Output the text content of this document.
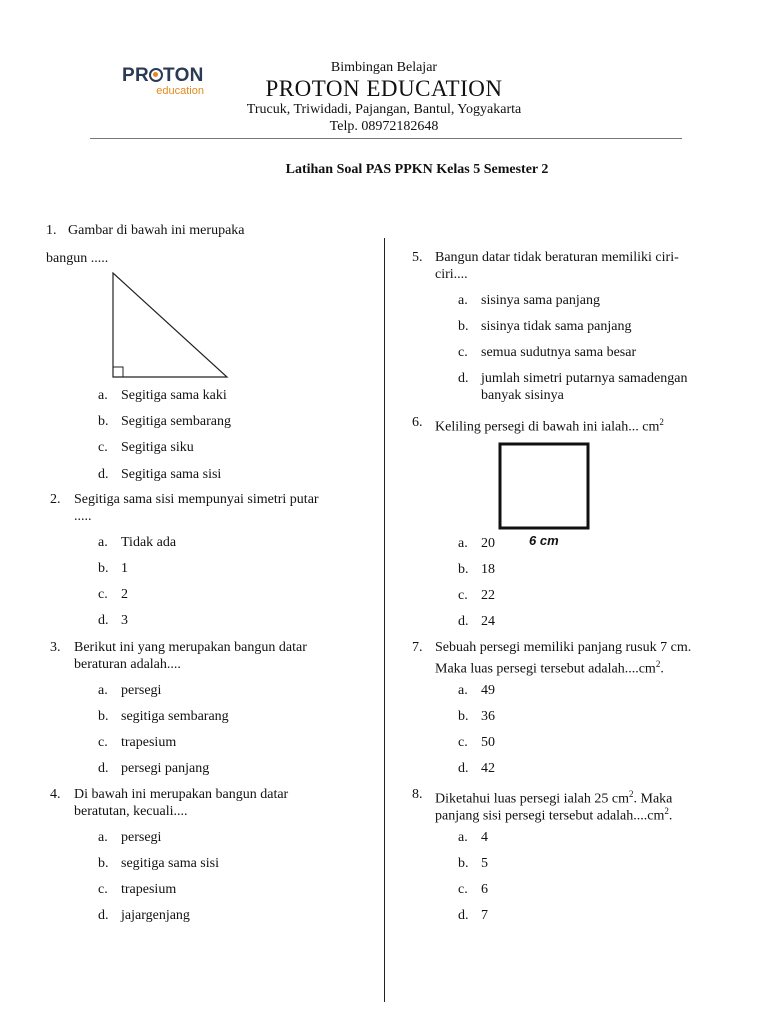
PR TON
education
Bimbingan Belajar
PROTON EDUCATION
Trucuk, Triwidadi, Pajangan, Bantul, Yogyakarta
Telp. 08972182648
Latihan Soal PAS PPKN Kelas 5 Semester 2
6 cm
1. Gambar di bawah ini merupaka
bangun .....
a. Segitiga sama kaki
b. Segitiga sembarang
c. Segitiga siku
d. Segitiga sama sisi
2. Segitiga sama sisi mempunyai simetri putar
.....
a. Tidak ada
b. 1
c. 2
d. 3
3. Berikut ini yang merupakan bangun datar
beraturan adalah....
a. persegi
b. segitiga sembarang
c. trapesium
d. persegi panjang
4. Di bawah ini merupakan bangun datar
beratutan, kecuali....
a. persegi
b. segitiga sama sisi
c. trapesium
d. jajargenjang
5. Bangun datar tidak beraturan memiliki ciri-
ciri....
a. sisinya sama panjang
b. sisinya tidak sama panjang
c. semua sudutnya sama besar
d. jumlah simetri putarnya samadengan banyak sisinya
6. Keliling persegi di bawah ini ialah... $cm^2$
a. 20
b. 18
c. 22
d. 24
7. Sebuah persegi memiliki panjang rusuk 7 cm.
Maka luas persegi tersebut $adalah....cm^2$.
a. 49
b. 36
c. 50
d. 42
8. Diketahui luas persegi ialah 25 $cm^2$. Maka
panjang sisi persegi tersebut $adalah....cm^2$.
a. 4
b. 5
c. 6
d. 7
